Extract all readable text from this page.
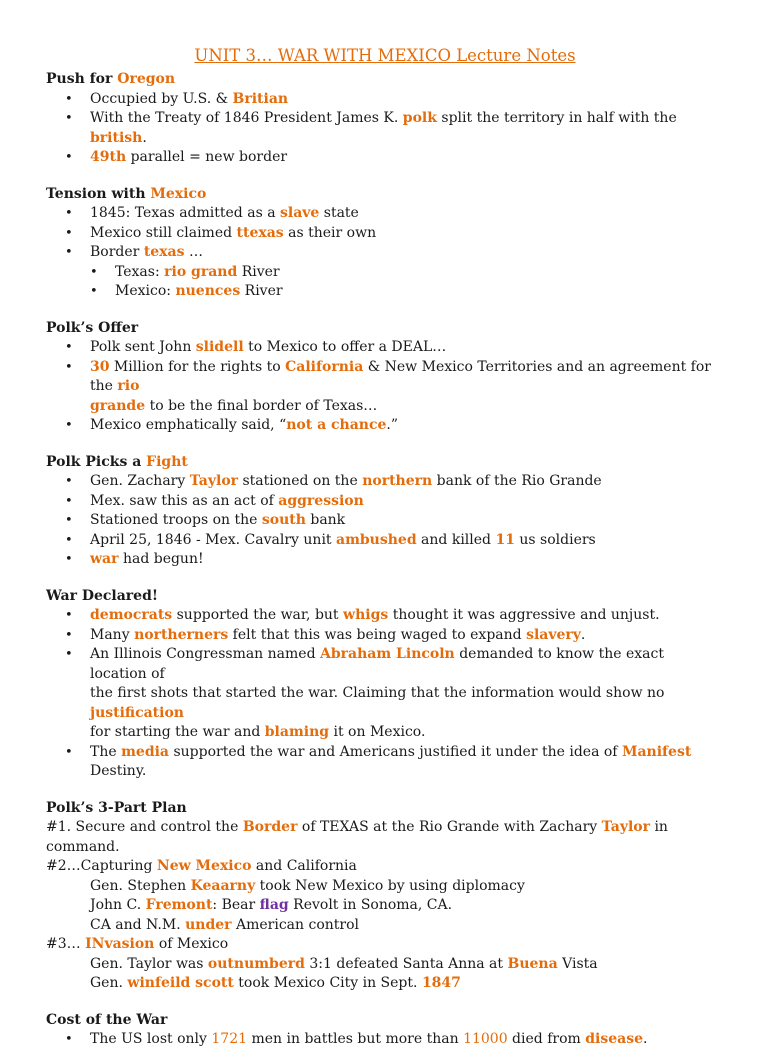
UNIT 3… WAR WITH MEXICO Lecture Notes
Push for Oregon
• Occupied by U.S. & Britian
• With the Treaty of 1846 President James K. polk split the territory in half with the british.
• 49th parallel = new border
Tension with Mexico
• 1845: Texas admitted as a slave state
• Mexico still claimed ttexas as their own
• Border texas …
• Texas: rio grand River
• Mexico: nuences River
Polk’s Offer
• Polk sent John slidell to Mexico to offer a DEAL…
• 30 Million for the rights to California & New Mexico Territories and an agreement for the rio
grande to be the final border of Texas…
• Mexico emphatically said, “not a chance.”
Polk Picks a Fight
• Gen. Zachary Taylor stationed on the northern bank of the Rio Grande
• Mex. saw this as an act of aggression
• Stationed troops on the south bank
• April 25, 1846 - Mex. Cavalry unit ambushed and killed 11 us soldiers
• war had begun!
War Declared!
• democrats supported the war, but whigs thought it was aggressive and unjust.
• Many northerners felt that this was being waged to expand slavery.
• An Illinois Congressman named Abraham Lincoln demanded to know the exact location of
the first shots that started the war. Claiming that the information would show no justification
for starting the war and blaming it on Mexico.
• The media supported the war and Americans justified it under the idea of Manifest Destiny.
Polk’s 3-Part Plan
#1. Secure and control the Border of TEXAS at the Rio Grande with Zachary Taylor in command.
#2…Capturing New Mexico and California
Gen. Stephen Keaarny took New Mexico by using diplomacy
John C. Fremont: Bear flag Revolt in Sonoma, CA.
CA and N.M. under American control
#3… INvasion of Mexico
Gen. Taylor was outnumberd 3:1 defeated Santa Anna at Buena Vista
Gen. winfeild scott took Mexico City in Sept. 1847
Cost of the War
• The US lost only 1721 men in battles but more than 11000 died from disease.
